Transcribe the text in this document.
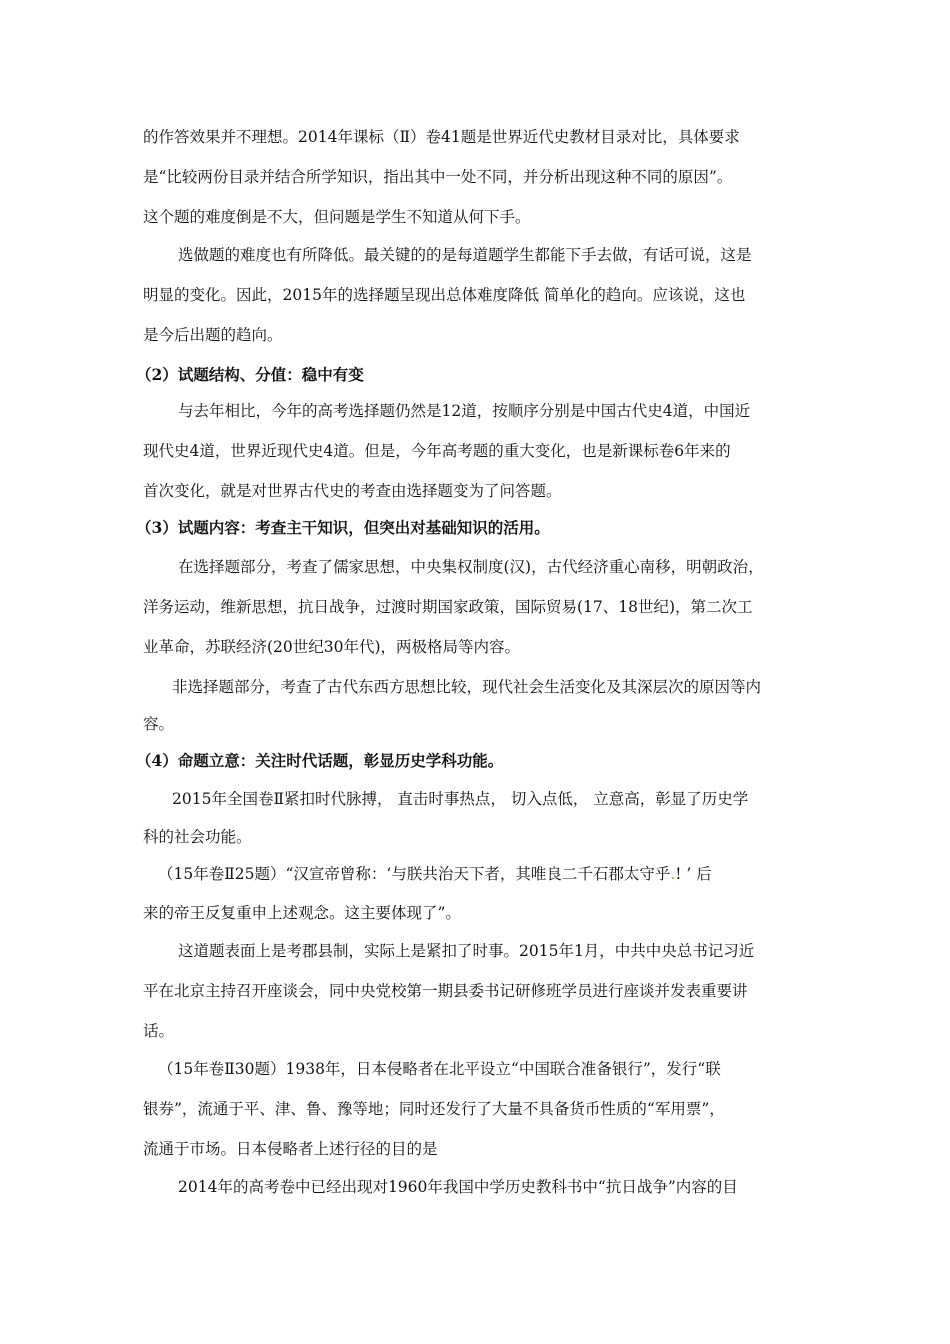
的作答效果并不理想。2014年课标（Ⅱ）卷41题是世界近代史教材目录对比，具体要求
是“比较两份目录并结合所学知识，指出其中一处不同，并分析出现这种不同的原因”。
这个题的难度倒是不大，但问题是学生不知道从何下手。
选做题的难度也有所降低。最关键的的是每道题学生都能下手去做，有话可说，这是
明显的变化。因此，2015年的选择题呈现出总体难度降低 简单化的趋向。应该说，这也
是今后出题的趋向。
（2）试题结构、分值：稳中有变
与去年相比，今年的高考选择题仍然是12道，按顺序分别是中国古代史4道，中国近
现代史4道，世界近现代史4道。但是，今年高考题的重大变化，也是新课标卷6年来的
首次变化，就是对世界古代史的考查由选择题变为了问答题。
（3）试题内容：考查主干知识，但突出对基础知识的活用。
在选择题部分，考查了儒家思想，中央集权制度(汉)，古代经济重心南移，明朝政治，
洋务运动，维新思想，抗日战争，过渡时期国家政策，国际贸易(17、18世纪)，第二次工
业革命，苏联经济(20世纪30年代)，两极格局等内容。
非选择题部分，考查了古代东西方思想比较，现代社会生活变化及其深层次的原因等内
容。
（4）命题立意：关注时代话题，彰显历史学科功能。
2015年全国卷Ⅱ紧扣时代脉搏， 直击时事热点， 切入点低， 立意高，彰显了历史学
科的社会功能。
（15年卷Ⅱ25题）“汉宣帝曾称：‘与朕共治天下者，其唯良二千石郡太守乎.! ’ 后
来的帝王反复重申上述观念。这主要体现了”。
这道题表面上是考郡县制，实际上是紧扣了时事。2015年1月，中共中央总书记习近
平在北京主持召开座谈会，同中央党校第一期县委书记研修班学员进行座谈并发表重要讲
话。
（15年卷Ⅱ30题）1938年，日本侵略者在北平设立“中国联合准备银行”，发行“联
银券”，流通于平、津、鲁、豫等地；同时还发行了大量不具备货币性质的“军用票”，
流通于市场。日本侵略者上述行径的目的是
2014年的高考卷中已经出现对1960年我国中学历史教科书中“抗日战争”内容的目
